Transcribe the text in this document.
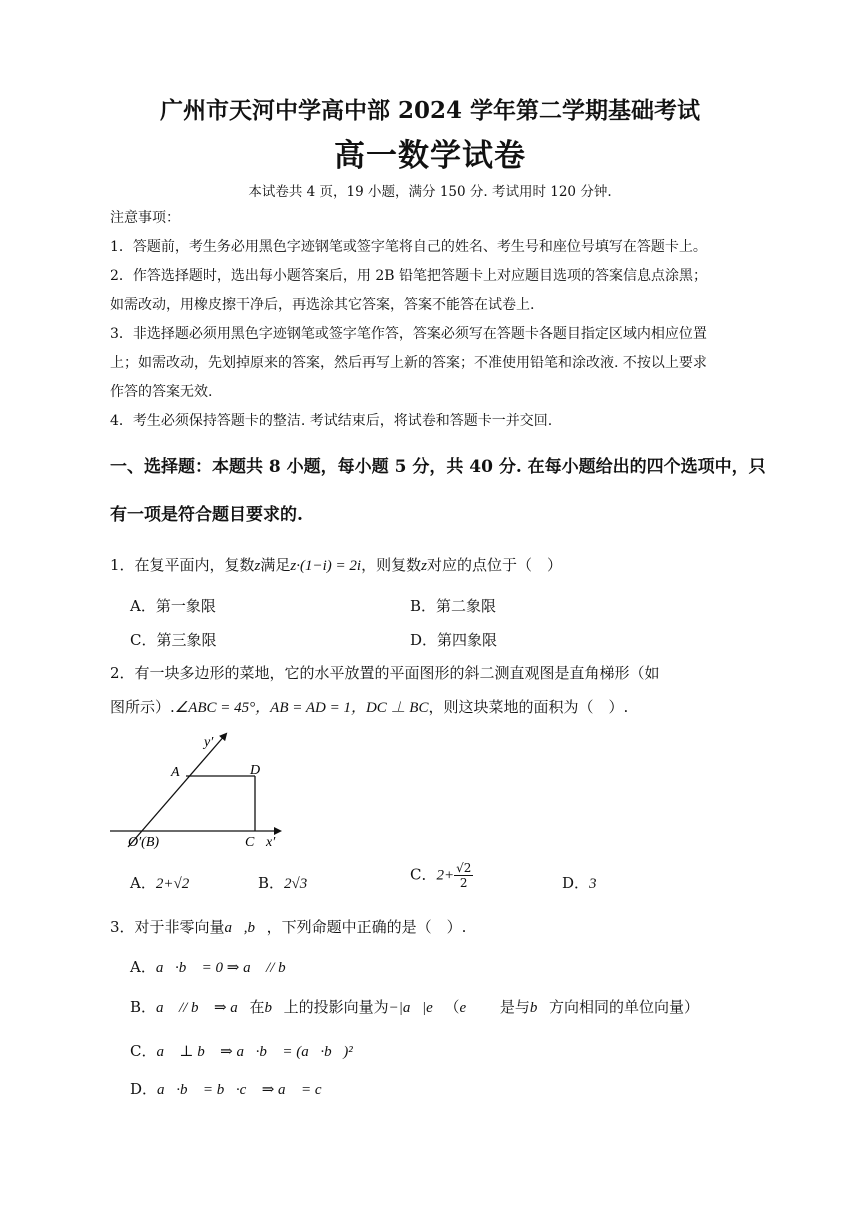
广州市天河中学高中部 2024 学年第二学期基础考试
高一数学试卷
本试卷共 4 页，19 小题，满分 150 分. 考试用时 120 分钟.
注意事项：
1．答题前，考生务必用黑色字迹钢笔或签字笔将自己的姓名、考生号和座位号填写在答题卡上。
2．作答选择题时，选出每小题答案后，用 2B 铅笔把答题卡上对应题目选项的答案信息点涂黑；
如需改动，用橡皮擦干净后，再选涂其它答案，答案不能答在试卷上.
3．非选择题必须用黑色字迹钢笔或签字笔作答，答案必须写在答题卡各题目指定区域内相应位置
上；如需改动，先划掉原来的答案，然后再写上新的答案；不准使用铅笔和涂改液. 不按以上要求
作答的答案无效.
4．考生必须保持答题卡的整洁. 考试结束后，将试卷和答题卡一并交回.
一、选择题：本题共 8 小题，每小题 5 分，共 40 分. 在每小题给出的四个选项中，只
有一项是符合题目要求的.
1．在复平面内，复数z满足z·(1−i) = 2i，则复数z对应的点位于（　）
A．第一象限	B．第二象限
C．第三象限	D．第四象限
2．有一块多边形的菜地，它的水平放置的平面图形的斜二测直观图是直角梯形（如
图所示）.∠ABC = 45°，AB = AD = 1，DC ⊥ BC，则这块菜地的面积为（　）.
y′
A	D
O′(B)	C x′
A．2+√2	B．2√3
C．$2+ \frac{√2}{2}$	D．3
3．对于非零向量a⃗,b⃗，下列命题中正确的是（　）.
A．a⃗·b⃗ = 0 ⇒ a⃗ // b⃗
B．a⃗ // b⃗ ⇒ a⃗在b⃗上的投影向量为−|a⃗|e⃗（e⃗ 是与b⃗方向相同的单位向量）
C．a⃗ ⊥ b⃗ ⇒ a⃗·b⃗ = (a⃗·b⃗)²
D．a⃗·b⃗ = b⃗·c⃗ ⇒ a⃗ = c⃗
